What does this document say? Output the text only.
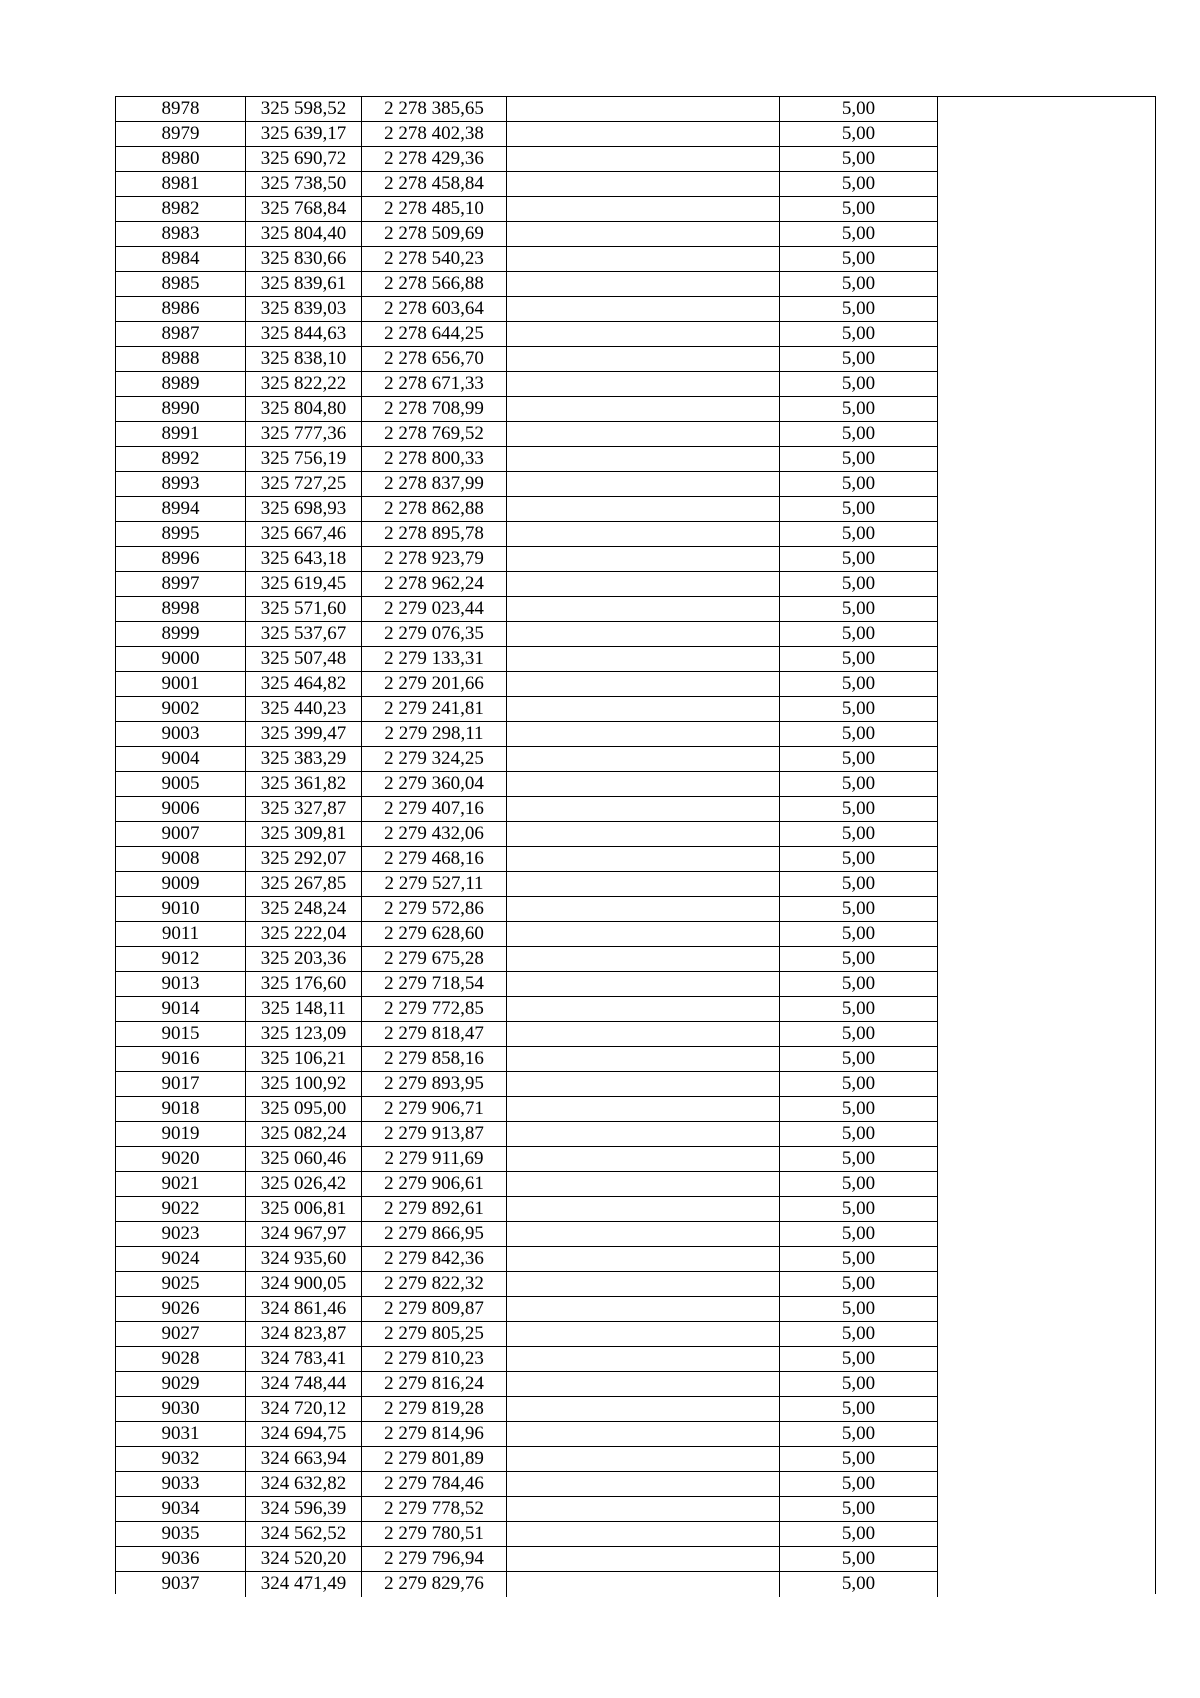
8978	325 598,52	2 278 385,65	5,00
8979	325 639,17	2 278 402,38	5,00
8980	325 690,72	2 278 429,36	5,00
8981	325 738,50	2 278 458,84	5,00
8982	325 768,84	2 278 485,10	5,00
8983	325 804,40	2 278 509,69	5,00
8984	325 830,66	2 278 540,23	5,00
8985	325 839,61	2 278 566,88	5,00
8986	325 839,03	2 278 603,64	5,00
8987	325 844,63	2 278 644,25	5,00
8988	325 838,10	2 278 656,70	5,00
8989	325 822,22	2 278 671,33	5,00
8990	325 804,80	2 278 708,99	5,00
8991	325 777,36	2 278 769,52	5,00
8992	325 756,19	2 278 800,33	5,00
8993	325 727,25	2 278 837,99	5,00
8994	325 698,93	2 278 862,88	5,00
8995	325 667,46	2 278 895,78	5,00
8996	325 643,18	2 278 923,79	5,00
8997	325 619,45	2 278 962,24	5,00
8998	325 571,60	2 279 023,44	5,00
8999	325 537,67	2 279 076,35	5,00
9000	325 507,48	2 279 133,31	5,00
9001	325 464,82	2 279 201,66	5,00
9002	325 440,23	2 279 241,81	5,00
9003	325 399,47	2 279 298,11	5,00
9004	325 383,29	2 279 324,25	5,00
9005	325 361,82	2 279 360,04	5,00
9006	325 327,87	2 279 407,16	5,00
9007	325 309,81	2 279 432,06	5,00
9008	325 292,07	2 279 468,16	5,00
9009	325 267,85	2 279 527,11	5,00
9010	325 248,24	2 279 572,86	5,00
9011	325 222,04	2 279 628,60	5,00
9012	325 203,36	2 279 675,28	5,00
9013	325 176,60	2 279 718,54	5,00
9014	325 148,11	2 279 772,85	5,00
9015	325 123,09	2 279 818,47	5,00
9016	325 106,21	2 279 858,16	5,00
9017	325 100,92	2 279 893,95	5,00
9018	325 095,00	2 279 906,71	5,00
9019	325 082,24	2 279 913,87	5,00
9020	325 060,46	2 279 911,69	5,00
9021	325 026,42	2 279 906,61	5,00
9022	325 006,81	2 279 892,61	5,00
9023	324 967,97	2 279 866,95	5,00
9024	324 935,60	2 279 842,36	5,00
9025	324 900,05	2 279 822,32	5,00
9026	324 861,46	2 279 809,87	5,00
9027	324 823,87	2 279 805,25	5,00
9028	324 783,41	2 279 810,23	5,00
9029	324 748,44	2 279 816,24	5,00
9030	324 720,12	2 279 819,28	5,00
9031	324 694,75	2 279 814,96	5,00
9032	324 663,94	2 279 801,89	5,00
9033	324 632,82	2 279 784,46	5,00
9034	324 596,39	2 279 778,52	5,00
9035	324 562,52	2 279 780,51	5,00
9036	324 520,20	2 279 796,94	5,00
9037	324 471,49	2 279 829,76	5,00
